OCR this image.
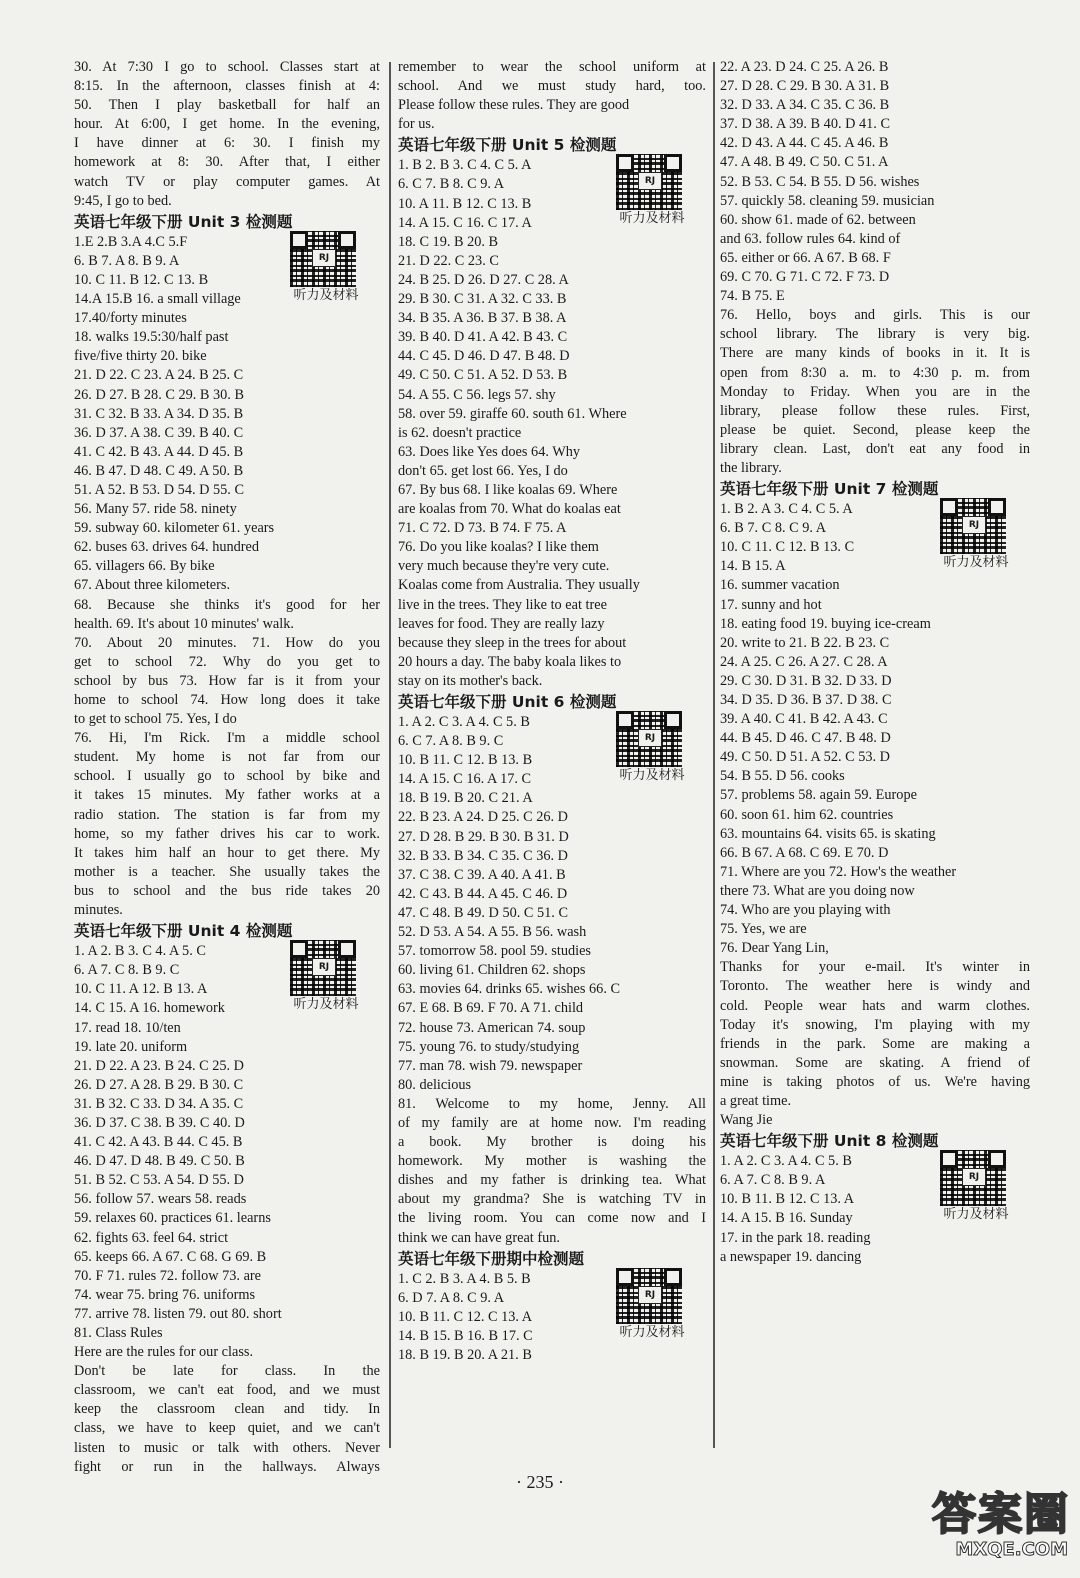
30. At 7:30 I go to school. Classes start at
8:15. In the afternoon, classes finish at 4:
50. Then I play basketball for half an
hour. At 6:00, I get home. In the evening,
I have dinner at 6: 30. I finish my
homework at 8: 30. After that, I either
watch TV or play computer games. At
9:45, I go to bed.
英语七年级下册 Unit 3 检测题
RJ
听力及材料
1.E 2.B 3.A 4.C 5.F
6. B 7. A 8. B 9. A
10. C 11. B 12. C 13. B
14.A 15.B 16. a small village
17.40/forty minutes
18. walks 19.5:30/half past
five/five thirty 20. bike
21. D 22. C 23. A 24. B 25. C
26. D 27. B 28. C 29. B 30. B
31. C 32. B 33. A 34. D 35. B
36. D 37. A 38. C 39. B 40. C
41. C 42. B 43. A 44. D 45. B
46. B 47. D 48. C 49. A 50. B
51. A 52. B 53. D 54. D 55. C
56. Many 57. ride 58. ninety
59. subway 60. kilometer 61. years
62. buses 63. drives 64. hundred
65. villagers 66. By bike
67. About three kilometers.
68. Because she thinks it's good for her
health. 69. It's about 10 minutes' walk.
70. About 20 minutes. 71. How do you
get to school 72. Why do you get to
school by bus 73. How far is it from your
home to school 74. How long does it take
to get to school 75. Yes, I do
76. Hi, I'm Rick. I'm a middle school
student. My home is not far from our
school. I usually go to school by bike and
it takes 15 minutes. My father works at a
radio station. The station is far from my
home, so my father drives his car to work.
It takes him half an hour to get there. My
mother is a teacher. She usually takes the
bus to school and the bus ride takes 20
minutes.
英语七年级下册 Unit 4 检测题
RJ
听力及材料
1. A 2. B 3. C 4. A 5. C
6. A 7. C 8. B 9. C
10. C 11. A 12. B 13. A
14. C 15. A 16. homework
17. read 18. 10/ten
19. late 20. uniform
21. D 22. A 23. B 24. C 25. D
26. D 27. A 28. B 29. B 30. C
31. B 32. C 33. D 34. A 35. C
36. D 37. C 38. B 39. C 40. D
41. C 42. A 43. B 44. C 45. B
46. D 47. D 48. B 49. C 50. B
51. B 52. C 53. A 54. D 55. D
56. follow 57. wears 58. reads
59. relaxes 60. practices 61. learns
62. fights 63. feel 64. strict
65. keeps 66. A 67. C 68. G 69. B
70. F 71. rules 72. follow 73. are
74. wear 75. bring 76. uniforms
77. arrive 78. listen 79. out 80. short
81. Class Rules
Here are the rules for our class.
Don't be late for class. In the
classroom, we can't eat food, and we must
keep the classroom clean and tidy. In
class, we have to keep quiet, and we can't
listen to music or talk with others. Never
fight or run in the hallways. Always
remember to wear the school uniform at
school. And we must study hard, too.
Please follow these rules. They are good
for us.
英语七年级下册 Unit 5 检测题
RJ
听力及材料
1. B 2. B 3. C 4. C 5. A
6. C 7. B 8. C 9. A
10. A 11. B 12. C 13. B
14. A 15. C 16. C 17. A
18. C 19. B 20. B
21. D 22. C 23. C
24. B 25. D 26. D 27. C 28. A
29. B 30. C 31. A 32. C 33. B
34. B 35. A 36. B 37. B 38. A
39. B 40. D 41. A 42. B 43. C
44. C 45. D 46. D 47. B 48. D
49. C 50. C 51. A 52. D 53. B
54. A 55. C 56. legs 57. shy
58. over 59. giraffe 60. south 61. Where
is 62. doesn't practice
63. Does like Yes does 64. Why
don't 65. get lost 66. Yes, I do
67. By bus 68. I like koalas 69. Where
are koalas from 70. What do koalas eat
71. C 72. D 73. B 74. F 75. A
76. Do you like koalas? I like them
very much because they're very cute.
Koalas come from Australia. They usually
live in the trees. They like to eat tree
leaves for food. They are really lazy
because they sleep in the trees for about
20 hours a day. The baby koala likes to
stay on its mother's back.
英语七年级下册 Unit 6 检测题
RJ
听力及材料
1. A 2. C 3. A 4. C 5. B
6. C 7. A 8. B 9. C
10. B 11. C 12. B 13. B
14. A 15. C 16. A 17. C
18. B 19. B 20. C 21. A
22. B 23. A 24. D 25. C 26. D
27. D 28. B 29. B 30. B 31. D
32. B 33. B 34. C 35. C 36. D
37. C 38. C 39. A 40. A 41. B
42. C 43. B 44. A 45. C 46. D
47. C 48. B 49. D 50. C 51. C
52. D 53. A 54. A 55. B 56. wash
57. tomorrow 58. pool 59. studies
60. living 61. Children 62. shops
63. movies 64. drinks 65. wishes 66. C
67. E 68. B 69. F 70. A 71. child
72. house 73. American 74. soup
75. young 76. to study/studying
77. man 78. wish 79. newspaper
80. delicious
81. Welcome to my home, Jenny. All
of my family are at home now. I'm reading
a book. My brother is doing his
homework. My mother is washing the
dishes and my father is drinking tea. What
about my grandma? She is watching TV in
the living room. You can come now and I
think we can have great fun.
英语七年级下册期中检测题
RJ
听力及材料
1. C 2. B 3. A 4. B 5. B
6. D 7. A 8. C 9. A
10. B 11. C 12. C 13. A
14. B 15. B 16. B 17. C
18. B 19. B 20. A 21. B
22. A 23. D 24. C 25. A 26. B
27. D 28. C 29. B 30. A 31. B
32. D 33. A 34. C 35. C 36. B
37. D 38. A 39. B 40. D 41. C
42. D 43. A 44. C 45. A 46. B
47. A 48. B 49. C 50. C 51. A
52. B 53. C 54. B 55. D 56. wishes
57. quickly 58. cleaning 59. musician
60. show 61. made of 62. between
and 63. follow rules 64. kind of
65. either or 66. A 67. B 68. F
69. C 70. G 71. C 72. F 73. D
74. B 75. E
76. Hello, boys and girls. This is our
school library. The library is very big.
There are many kinds of books in it. It is
open from 8:30 a. m. to 4:30 p. m. from
Monday to Friday. When you are in the
library, please follow these rules. First,
please be quiet. Second, please keep the
library clean. Last, don't eat any food in
the library.
英语七年级下册 Unit 7 检测题
RJ
听力及材料
1. B 2. A 3. C 4. C 5. A
6. B 7. C 8. C 9. A
10. C 11. C 12. B 13. C
14. B 15. A
16. summer vacation
17. sunny and hot
18. eating food 19. buying ice-cream
20. write to 21. B 22. B 23. C
24. A 25. C 26. A 27. C 28. A
29. C 30. D 31. B 32. D 33. D
34. D 35. D 36. B 37. D 38. C
39. A 40. C 41. B 42. A 43. C
44. B 45. D 46. C 47. B 48. D
49. C 50. D 51. A 52. C 53. D
54. B 55. D 56. cooks
57. problems 58. again 59. Europe
60. soon 61. him 62. countries
63. mountains 64. visits 65. is skating
66. B 67. A 68. C 69. E 70. D
71. Where are you 72. How's the weather
there 73. What are you doing now
74. Who are you playing with
75. Yes, we are
76. Dear Yang Lin,
Thanks for your e-mail. It's winter in
Toronto. The weather here is windy and
cold. People wear hats and warm clothes.
Today it's snowing, I'm playing with my
friends in the park. Some are making a
snowman. Some are skating. A friend of
mine is taking photos of us. We're having
a great time.
Wang Jie
英语七年级下册 Unit 8 检测题
RJ
听力及材料
1. A 2. C 3. A 4. C 5. B
6. A 7. C 8. B 9. A
10. B 11. B 12. C 13. A
14. A 15. B 16. Sunday
17. in the park 18. reading
a newspaper 19. dancing
· 235 ·
答案圈
MXQE.COM
